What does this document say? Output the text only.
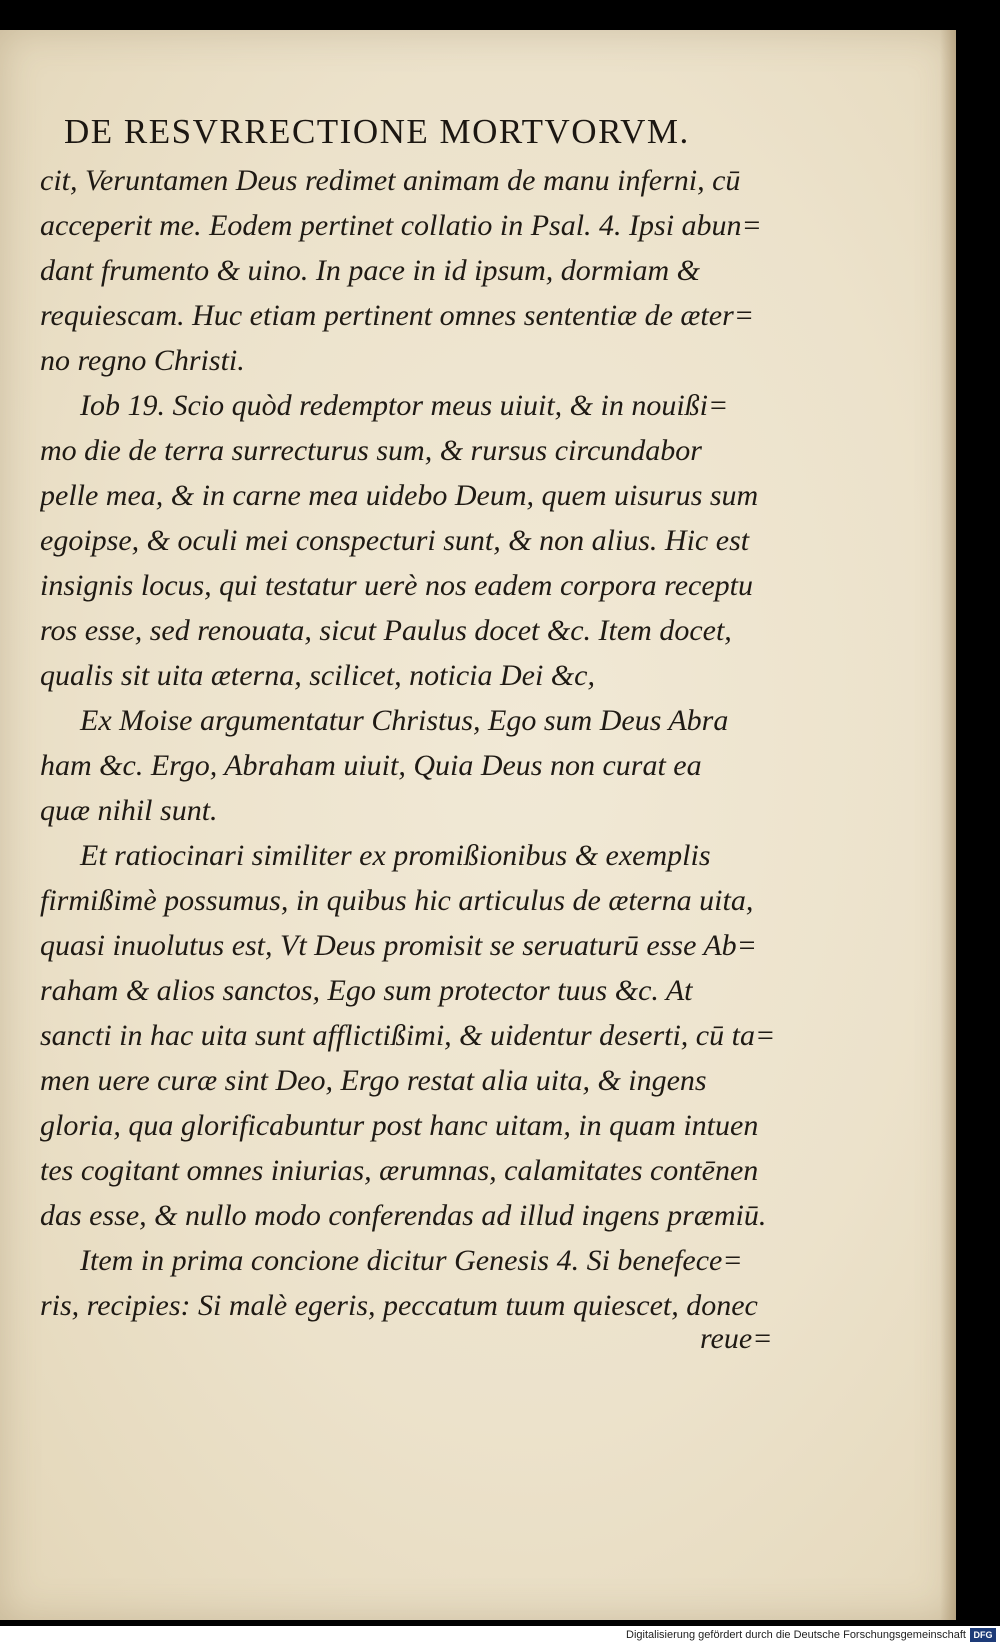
DE RESVRRECTIONE MORTVORVM.
cit, Veruntamen Deus redimet animam de manu inferni, cū
acceperit me. Eodem pertinet collatio in Psal. 4. Ipsi abun=
dant frumento & uino. In pace in id ipsum, dormiam &
requiescam. Huc etiam pertinent omnes sententiæ de æter=
no regno Christi.
Iob 19. Scio quòd redemptor meus uiuit, & in nouißi=
mo die de terra surrecturus sum, & rursus circundabor
pelle mea, & in carne mea uidebo Deum, quem uisurus sum
egoipse, & oculi mei conspecturi sunt, & non alius. Hic est
insignis locus, qui testatur uerè nos eadem corpora receptu
ros esse, sed renouata, sicut Paulus docet &c. Item docet,
qualis sit uita æterna, scilicet, noticia Dei &c,
Ex Moise argumentatur Christus, Ego sum Deus Abra
ham &c. Ergo, Abraham uiuit, Quia Deus non curat ea
quæ nihil sunt.
Et ratiocinari similiter ex promißionibus & exemplis
firmißimè possumus, in quibus hic articulus de æterna uita,
quasi inuolutus est, Vt Deus promisit se seruaturū esse Ab=
raham & alios sanctos, Ego sum protector tuus &c. At
sancti in hac uita sunt afflictißimi, & uidentur deserti, cū ta=
men uere curæ sint Deo, Ergo restat alia uita, & ingens
gloria, qua glorificabuntur post hanc uitam, in quam intuen
tes cogitant omnes iniurias, ærumnas, calamitates contēnen
das esse, & nullo modo conferendas ad illud ingens præmiū.
Item in prima concione dicitur Genesis 4. Si benefece=
ris, recipies: Si malè egeris, peccatum tuum quiescet, donec
reue=
Digitalisierung gefördert durch die Deutsche Forschungsgemeinschaft DFG
